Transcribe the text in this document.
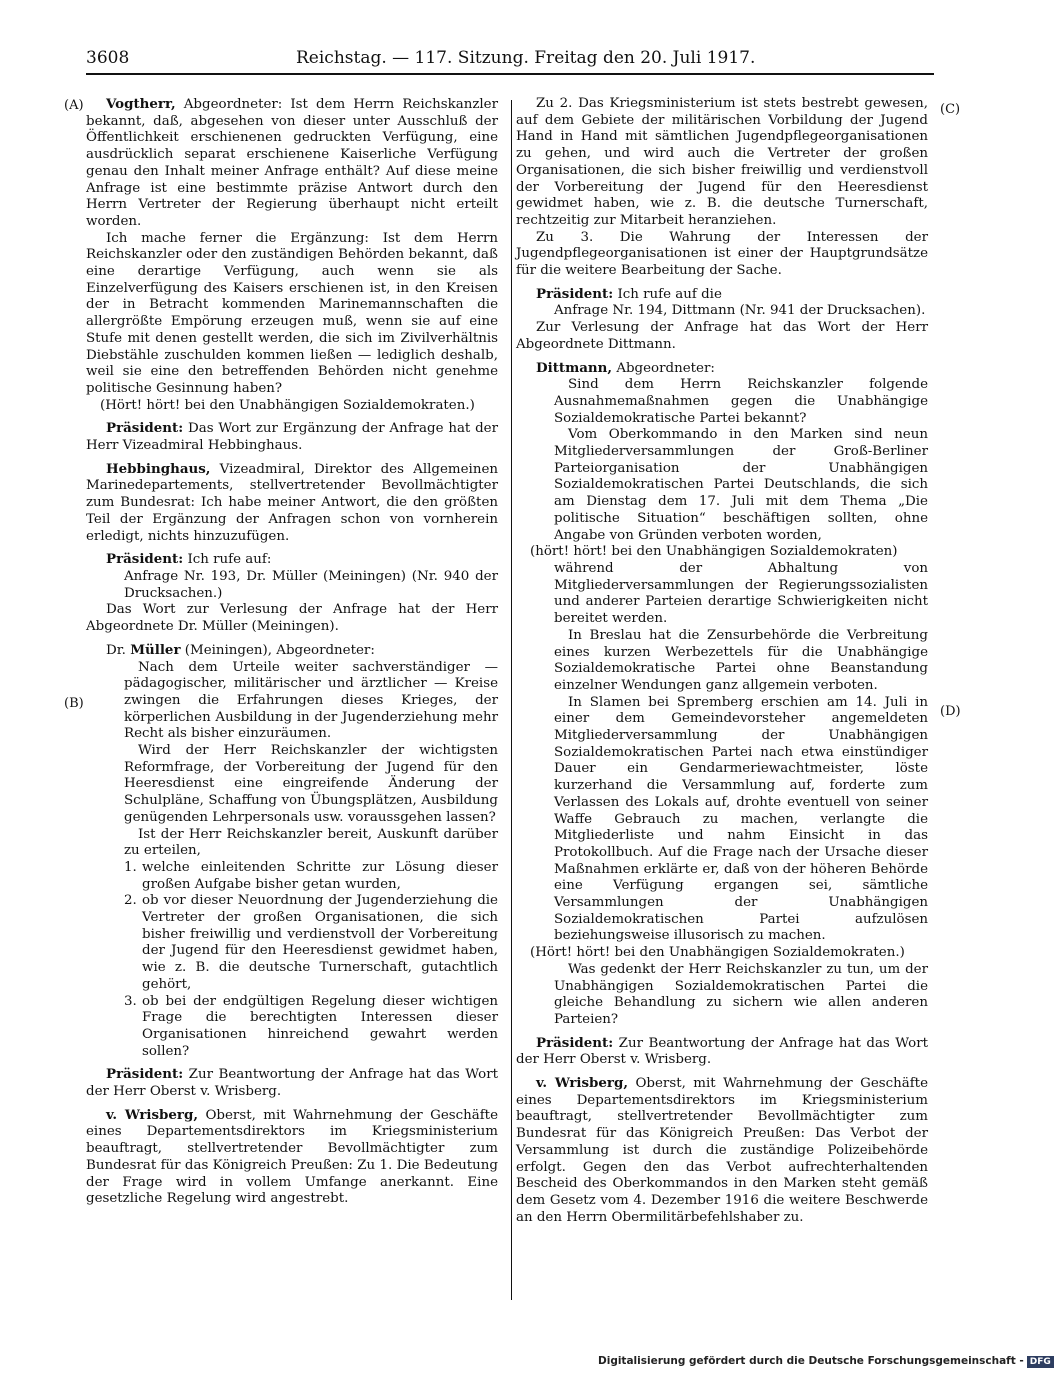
3608	Reichstag. — 117. Sitzung. Freitag den 20. Juli 1917.
(A)
(B)
(C)
(D)

Vogtherr, Abgeordneter: Ist dem Herrn Reichskanzler bekannt, daß, abgesehen von dieser unter Ausschluß der Öffentlichkeit erschienenen gedruckten Verfügung, eine ausdrücklich separat erschienene Kaiserliche Verfügung genau den Inhalt meiner Anfrage enthält? Auf diese meine Anfrage ist eine bestimmte präzise Antwort durch den Herrn Vertreter der Regierung überhaupt nicht erteilt worden.

Ich mache ferner die Ergänzung: Ist dem Herrn Reichskanzler oder den zuständigen Behörden bekannt, daß eine derartige Verfügung, auch wenn sie als Einzelverfügung des Kaisers erschienen ist, in den Kreisen der in Betracht kommenden Marinemannschaften die allergrößte Empörung erzeugen muß, wenn sie auf eine Stufe mit denen gestellt werden, die sich im Zivilverhältnis Diebstähle zuschulden kommen ließen — lediglich deshalb, weil sie eine den betreffenden Behörden nicht genehme politische Gesinnung haben?

(Hört! hört! bei den Unabhängigen Sozialdemokraten.)

Präsident: Das Wort zur Ergänzung der Anfrage hat der Herr Vizeadmiral Hebbinghaus.

Hebbinghaus, Vizeadmiral, Direktor des Allgemeinen Marinedepartements, stellvertretender Bevollmächtigter zum Bundesrat: Ich habe meiner Antwort, die den größten Teil der Ergänzung der Anfragen schon von vornherein erledigt, nichts hinzuzufügen.

Präsident: Ich rufe auf:

Anfrage Nr. 193, Dr. Müller (Meiningen) (Nr. 940 der Drucksachen.)

Das Wort zur Verlesung der Anfrage hat der Herr Abgeordnete Dr. Müller (Meiningen).

Dr. Müller (Meiningen), Abgeordneter:

Nach dem Urteile weiter sachverständiger — pädagogischer, militärischer und ärztlicher — Kreise zwingen die Erfahrungen dieses Krieges, der körperlichen Ausbildung in der Jugenderziehung mehr Recht als bisher einzuräumen.

Wird der Herr Reichskanzler der wichtigsten Reformfrage, der Vorbereitung der Jugend für den Heeresdienst eine eingreifende Änderung der Schulpläne, Schaffung von Übungsplätzen, Ausbildung genügenden Lehrpersonals usw. voraussgehen lassen?

Ist der Herr Reichskanzler bereit, Auskunft darüber zu erteilen,

1. welche einleitenden Schritte zur Lösung dieser großen Aufgabe bisher getan wurden,
2. ob vor dieser Neuordnung der Jugenderziehung die Vertreter der großen Organisationen, die sich bisher freiwillig und verdienstvoll der Vorbereitung der Jugend für den Heeresdienst gewidmet haben, wie z. B. die deutsche Turnerschaft, gutachtlich gehört,
3. ob bei der endgültigen Regelung dieser wichtigen Frage die berechtigten Interessen dieser Organisationen hinreichend gewahrt werden sollen?

Präsident: Zur Beantwortung der Anfrage hat das Wort der Herr Oberst v. Wrisberg.

v. Wrisberg, Oberst, mit Wahrnehmung der Geschäfte eines Departementsdirektors im Kriegsministerium beauftragt, stellvertretender Bevollmächtigter zum Bundesrat für das Königreich Preußen: Zu 1. Die Bedeutung der Frage wird in vollem Umfange anerkannt. Eine gesetzliche Regelung wird angestrebt.

Zu 2. Das Kriegsministerium ist stets bestrebt gewesen, auf dem Gebiete der militärischen Vorbildung der Jugend Hand in Hand mit sämtlichen Jugendpflegeorganisationen zu gehen, und wird auch die Vertreter der großen Organisationen, die sich bisher freiwillig und verdienstvoll der Vorbereitung der Jugend für den Heeresdienst gewidmet haben, wie z. B. die deutsche Turnerschaft, rechtzeitig zur Mitarbeit heranziehen.

Zu 3. Die Wahrung der Interessen der Jugendpflegeorganisationen ist einer der Hauptgrundsätze für die weitere Bearbeitung der Sache.

Präsident: Ich rufe auf die

Anfrage Nr. 194, Dittmann (Nr. 941 der Drucksachen).

Zur Verlesung der Anfrage hat das Wort der Herr Abgeordnete Dittmann.

Dittmann, Abgeordneter:

Sind dem Herrn Reichskanzler folgende Ausnahmemaßnahmen gegen die Unabhängige Sozialdemokratische Partei bekannt?

Vom Oberkommando in den Marken sind neun Mitgliederversammlungen der Groß-Berliner Parteiorganisation der Unabhängigen Sozialdemokratischen Partei Deutschlands, die sich am Dienstag dem 17. Juli mit dem Thema „Die politische Situation“ beschäftigen sollten, ohne Angabe von Gründen verboten worden,

(hört! hört! bei den Unabhängigen Sozialdemokraten)

während der Abhaltung von Mitgliederversammlungen der Regierungssozialisten und anderer Parteien derartige Schwierigkeiten nicht bereitet werden.

In Breslau hat die Zensurbehörde die Verbreitung eines kurzen Werbezettels für die Unabhängige Sozialdemokratische Partei ohne Beanstandung einzelner Wendungen ganz allgemein verboten.

In Slamen bei Spremberg erschien am 14. Juli in einer dem Gemeindevorsteher angemeldeten Mitgliederversammlung der Unabhängigen Sozialdemokratischen Partei nach etwa einstündiger Dauer ein Gendarmeriewachtmeister, löste kurzerhand die Versammlung auf, forderte zum Verlassen des Lokals auf, drohte eventuell von seiner Waffe Gebrauch zu machen, verlangte die Mitgliederliste und nahm Einsicht in das Protokollbuch. Auf die Frage nach der Ursache dieser Maßnahmen erklärte er, daß von der höheren Behörde eine Verfügung ergangen sei, sämtliche Versammlungen der Unabhängigen Sozialdemokratischen Partei aufzulösen beziehungsweise illusorisch zu machen.

(Hört! hört! bei den Unabhängigen Sozialdemokraten.)

Was gedenkt der Herr Reichskanzler zu tun, um der Unabhängigen Sozialdemokratischen Partei die gleiche Behandlung zu sichern wie allen anderen Parteien?

Präsident: Zur Beantwortung der Anfrage hat das Wort der Herr Oberst v. Wrisberg.

v. Wrisberg, Oberst, mit Wahrnehmung der Geschäfte eines Departementsdirektors im Kriegsministerium beauftragt, stellvertretender Bevollmächtigter zum Bundesrat für das Königreich Preußen: Das Verbot der Versammlung ist durch die zuständige Polizeibehörde erfolgt. Gegen den das Verbot aufrechterhaltenden Bescheid des Oberkommandos in den Marken steht gemäß dem Gesetz vom 4. Dezember 1916 die weitere Beschwerde an den Herrn Obermilitärbefehlshaber zu.

Digitalisierung gefördert durch die Deutsche Forschungsgemeinschaft - DFG
